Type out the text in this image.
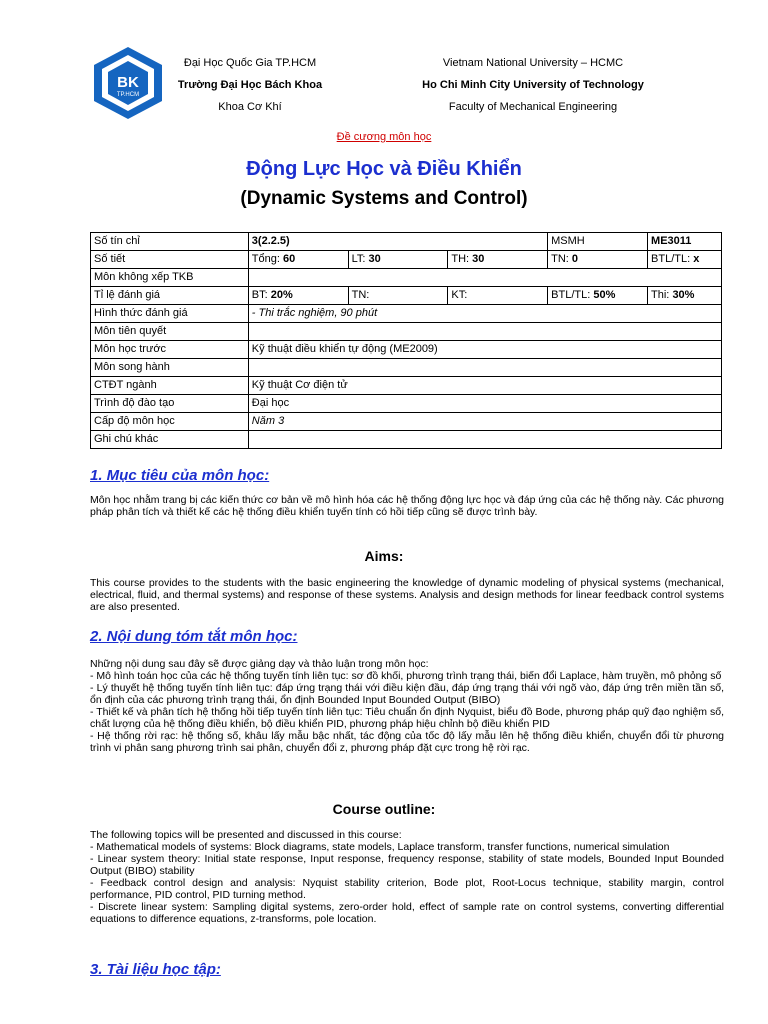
BK
TP.HCM
Đại Học Quốc Gia TP.HCM
Trường Đại Học Bách Khoa
Khoa Cơ Khí
Vietnam National University – HCMC
Ho Chi Minh City University of Technology
Faculty of Mechanical Engineering
Đề cương môn học
Động Lực Học và Điều Khiển
(Dynamic Systems and Control)
Số tín chỉ	3(2.2.5)			MSMH	ME3011
Số tiết	Tổng: 60	LT: 30	TH: 30	TN: 0	BTL/TL: x
Môn không xếp TKB					
Tỉ lệ đánh giá	BT: 20%	TN:	KT:	BTL/TL: 50%	Thi: 30%
Hình thức đánh giá	- Thi trắc nghiệm, 90 phút				
Môn tiên quyết					
Môn học trước	Kỹ thuật điều khiển tự động (ME2009)				
Môn song hành					
CTĐT ngành	Kỹ thuật Cơ điện tử				
Trình độ đào tạo	Đại học				
Cấp độ môn học	Năm 3				
Ghi chú khác					
1. Mục tiêu của môn học:
Môn học nhằm trang bị các kiến thức cơ bản về mô hình hóa các hệ thống động lực học và đáp ứng của các hệ thống này. Các phương pháp phân tích và thiết kế các hệ thống điều khiển tuyến tính có hồi tiếp cũng sẽ được trình bày.
Aims:
This course provides to the students with the basic engineering the knowledge of dynamic modeling of physical systems (mechanical, electrical, fluid, and thermal systems) and response of these systems. Analysis and design methods for linear feedback control systems are also presented.
2. Nội dung tóm tắt môn học:
Những nội dung sau đây sẽ được giảng dạy và thảo luận trong môn học:
- Mô hình toán học của các hệ thống tuyến tính liên tục: sơ đồ khối, phương trình trạng thái, biến đổi Laplace, hàm truyền, mô phỏng số
- Lý thuyết hệ thống tuyến tính liên tục: đáp ứng trạng thái với điều kiện đầu, đáp ứng trạng thái với ngõ vào, đáp ứng trên miền tần số, ổn định của các phương trình trạng thái, ổn định Bounded Input Bounded Output (BIBO)
- Thiết kế và phân tích hệ thống hồi tiếp tuyến tính liên tục: Tiêu chuẩn ổn định Nyquist, biểu đồ Bode, phương pháp quỹ đạo nghiệm số, chất lượng của hệ thống điều khiển, bộ điều khiển PID, phương pháp hiệu chỉnh bộ điều khiển PID
- Hệ thống rời rạc: hệ thống số, khâu lấy mẫu bậc nhất, tác động của tốc độ lấy mẫu lên hệ thống điều khiển, chuyển đổi từ phương trình vi phân sang phương trình sai phân, chuyển đổi z, phương pháp đặt cực trong hệ rời rạc.
Course outline:
The following topics will be presented and discussed in this course:
- Mathematical models of systems: Block diagrams, state models, Laplace transform, transfer functions, numerical simulation
- Linear system theory: Initial state response, Input response, frequency response, stability of state models, Bounded Input Bounded Output (BIBO) stability
- Feedback control design and analysis: Nyquist stability criterion, Bode plot, Root-Locus technique, stability margin, control performance, PID control, PID turning method.
- Discrete linear system: Sampling digital systems, zero-order hold, effect of sample rate on control systems, converting differential equations to difference equations, z-transforms, pole location.
3. Tài liệu học tập:
